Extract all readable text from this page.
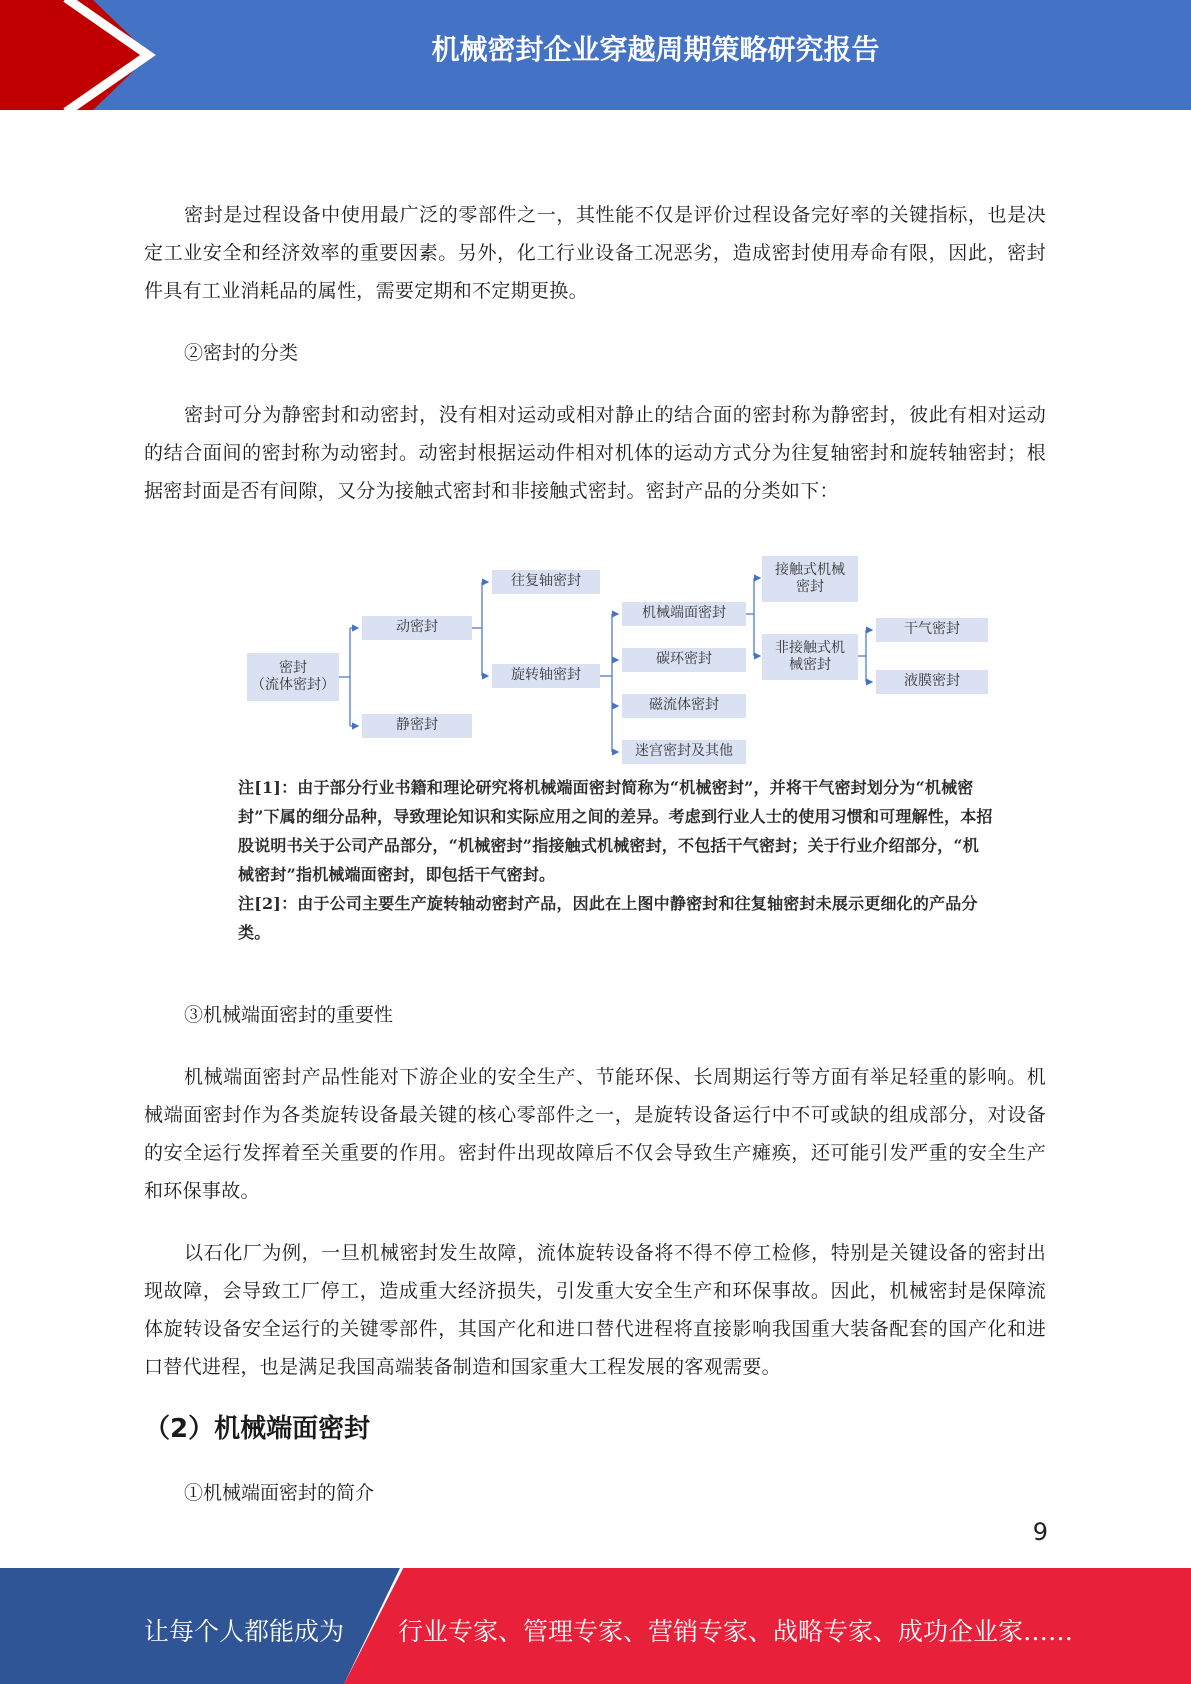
机械密封企业穿越周期策略研究报告

密封是过程设备中使用最广泛的零部件之一，其性能不仅是评价过程设备完好率的关键指标，也是决定工业安全和经济效率的重要因素。另外，化工行业设备工况恶劣，造成密封使用寿命有限，因此，密封件具有工业消耗品的属性，需要定期和不定期更换。

②密封的分类

密封可分为静密封和动密封，没有相对运动或相对静止的结合面的密封称为静密封，彼此有相对运动的结合面间的密封称为动密封。动密封根据运动件相对机体的运动方式分为往复轴密封和旋转轴密封；根据密封面是否有间隙，又分为接触式密封和非接触式密封。密封产品的分类如下：

密封
（流体密封）
动密封
静密封
往复轴密封
旋转轴密封
机械端面密封
碳环密封
磁流体密封
迷宫密封及其他
接触式机械
密封
非接触式机
械密封
干气密封
液膜密封
注[1]：由于部分行业书籍和理论研究将机械端面密封简称为“机械密封”，并将干气密封划分为“机械密封”下属的细分品种，导致理论知识和实际应用之间的差异。考虑到行业人士的使用习惯和可理解性，本招股说明书关于公司产品部分，“机械密封”指接触式机械密封，不包括干气密封；关于行业介绍部分，“机械密封”指机械端面密封，即包括干气密封。
注[2]：由于公司主要生产旋转轴动密封产品，因此在上图中静密封和往复轴密封未展示更细化的产品分类。

③机械端面密封的重要性

机械端面密封产品性能对下游企业的安全生产、节能环保、长周期运行等方面有举足轻重的影响。机械端面密封作为各类旋转设备最关键的核心零部件之一，是旋转设备运行中不可或缺的组成部分，对设备的安全运行发挥着至关重要的作用。密封件出现故障后不仅会导致生产瘫痪，还可能引发严重的安全生产和环保事故。

以石化厂为例，一旦机械密封发生故障，流体旋转设备将不得不停工检修，特别是关键设备的密封出现故障，会导致工厂停工，造成重大经济损失，引发重大安全生产和环保事故。因此，机械密封是保障流体旋转设备安全运行的关键零部件，其国产化和进口替代进程将直接影响我国重大装备配套的国产化和进口替代进程，也是满足我国高端装备制造和国家重大工程发展的客观需要。

（2）机械端面密封

①机械端面密封的简介

9
让每个人都能成为 行业专家、管理专家、营销专家、战略专家、成功企业家……
